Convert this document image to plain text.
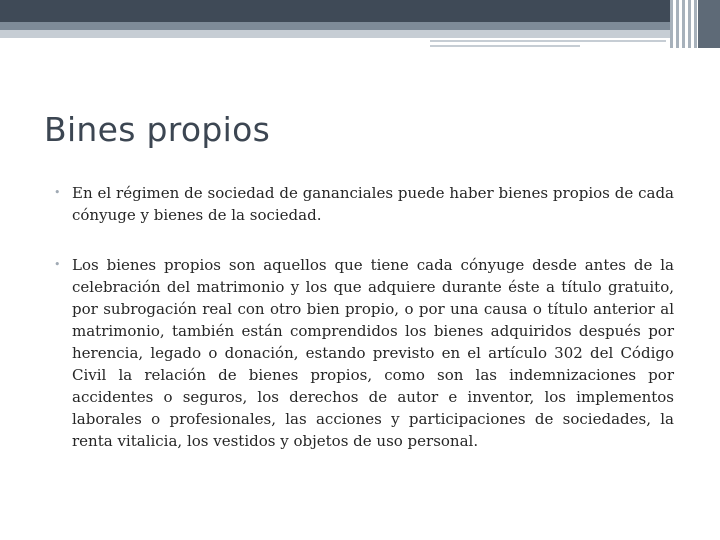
Bines propios
• En el régimen de sociedad de gananciales puede haber bienes propios de cada cónyuge y bienes de la sociedad.
• Los bienes propios son aquellos que tiene cada cónyuge desde antes de la celebración del matrimonio y los que adquiere durante éste a título gratuito, por subrogación real con otro bien propio, o por una causa o título anterior al matrimonio, también están comprendidos los bienes adquiridos después por herencia, legado o donación, estando previsto en el artículo 302 del Código Civil la relación de bienes propios, como son las indemnizaciones por accidentes o seguros, los derechos de autor e inventor, los implementos laborales o profesionales, las acciones y participaciones de sociedades, la renta vitalicia, los vestidos y objetos de uso personal.
